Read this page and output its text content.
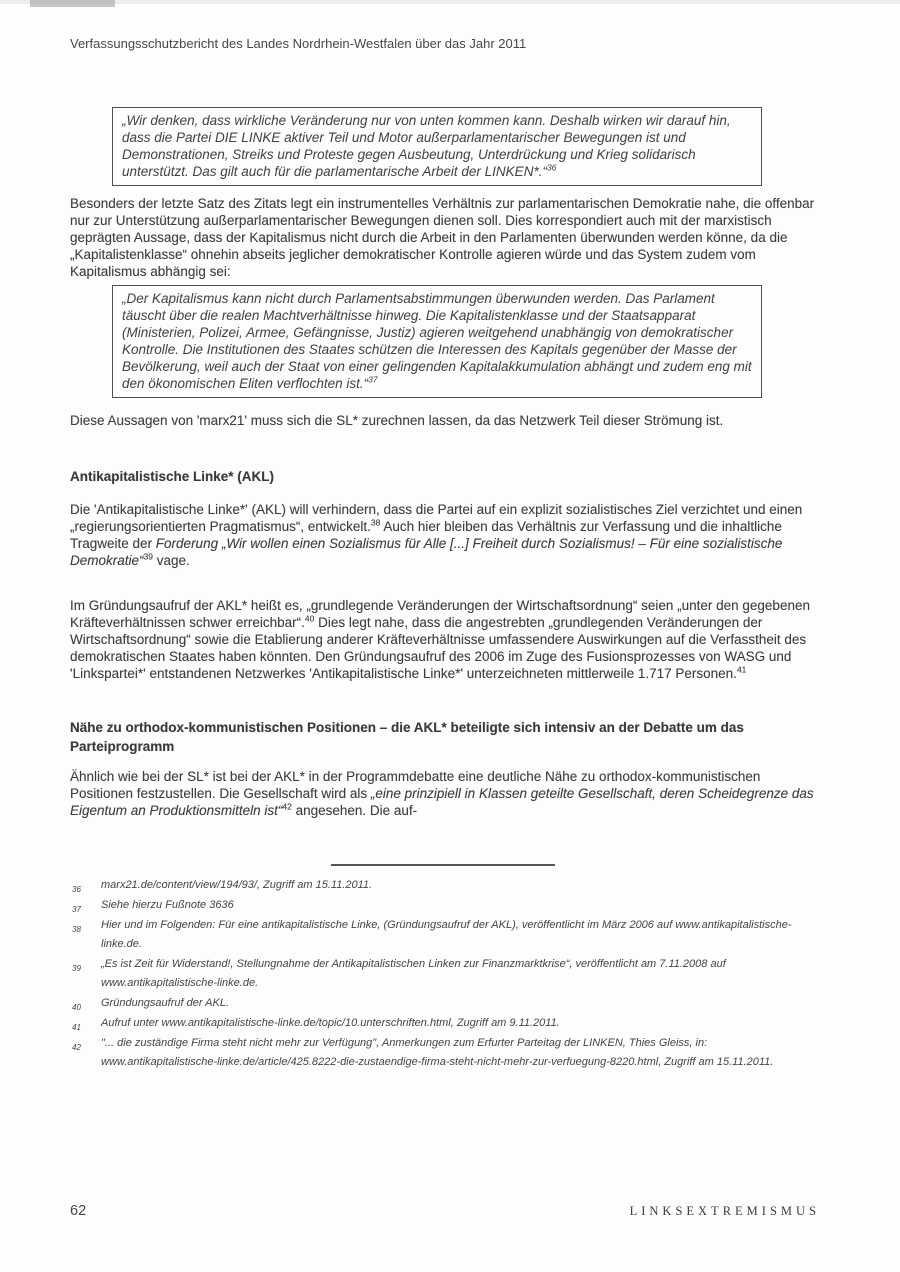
Verfassungsschutzbericht des Landes Nordrhein-Westfalen über das Jahr 2011
„Wir denken, dass wirkliche Veränderung nur von unten kommen kann. Deshalb wirken wir darauf hin, dass die Partei DIE LINKE aktiver Teil und Motor außerparlamentarischer Bewegungen ist und Demonstrationen, Streiks und Proteste gegen Ausbeutung, Unterdrückung und Krieg solidarisch unterstützt. Das gilt auch für die parlamentarische Arbeit der LINKEN*.“$^{36}$
Besonders der letzte Satz des Zitats legt ein instrumentelles Verhältnis zur parlamentarischen Demokratie nahe, die offenbar nur zur Unterstützung außerparlamentarischer Bewegungen dienen soll. Dies korrespondiert auch mit der marxistisch geprägten Aussage, dass der Kapitalismus nicht durch die Arbeit in den Parlamenten überwunden werden könne, da die „Kapitalistenklasse“ ohnehin abseits jeglicher demokratischer Kontrolle agieren würde und das System zudem vom Kapitalismus abhängig sei:
„Der Kapitalismus kann nicht durch Parlamentsabstimmungen überwunden werden. Das Parlament täuscht über die realen Machtverhältnisse hinweg. Die Kapitalistenklasse und der Staatsapparat (Ministerien, Polizei, Armee, Gefängnisse, Justiz) agieren weitgehend unabhängig von demokratischer Kontrolle. Die Institutionen des Staates schützen die Interessen des Kapitals gegenüber der Masse der Bevölkerung, weil auch der Staat von einer gelingenden Kapitalakkumulation abhängt und zudem eng mit den ökonomischen Eliten verflochten ist.“$^{37}$
Diese Aussagen von 'marx21' muss sich die SL* zurechnen lassen, da das Netzwerk Teil dieser Strömung ist.
Antikapitalistische Linke* (AKL)
Die 'Antikapitalistische Linke*' (AKL) will verhindern, dass die Partei auf ein explizit sozialistisches Ziel verzichtet und einen „regierungsorientierten Pragmatismus“, entwickelt.$^{38}$ Auch hier bleiben das Verhältnis zur Verfassung und die inhaltliche Tragweite der Forderung „Wir wollen einen Sozialismus für Alle [...] Freiheit durch Sozialismus! – Für eine sozialistische Demokratie“$^{39}$ vage.
Im Gründungsaufruf der AKL* heißt es, „grundlegende Veränderungen der Wirtschaftsordnung“ seien „unter den gegebenen Kräfteverhältnissen schwer erreichbar“.$^{40}$ Dies legt nahe, dass die angestrebten „grundlegenden Veränderungen der Wirtschaftsordnung“ sowie die Etablierung anderer Kräfteverhältnisse umfassendere Auswirkungen auf die Verfasstheit des demokratischen Staates haben könnten. Den Gründungsaufruf des 2006 im Zuge des Fusionsprozesses von WASG und 'Linkspartei*' entstandenen Netzwerkes 'Antikapitalistische Linke*' unterzeichneten mittlerweile 1.717 Personen.$^{41}$
Nähe zu orthodox-kommunistischen Positionen – die AKL* beteiligte sich intensiv an der Debatte um das Parteiprogramm
Ähnlich wie bei der SL* ist bei der AKL* in der Programmdebatte eine deutliche Nähe zu orthodox-kommunistischen Positionen festzustellen. Die Gesellschaft wird als „eine prinzipiell in Klassen geteilte Gesellschaft, deren Scheidegrenze das Eigentum an Produktionsmitteln ist“$^{42}$ angesehen. Die auf-
36 marx21.de/content/view/194/93/, Zugriff am 15.11.2011.
37 Siehe hierzu Fußnote 3636
38 Hier und im Folgenden: Für eine antikapitalistische Linke, (Gründungsaufruf der AKL), veröffentlicht im März 2006 auf www.antikapitalistische-linke.de.
39 „Es ist Zeit für Widerstand!, Stellungnahme der Antikapitalistischen Linken zur Finanzmarktkrise“, veröffentlicht am 7.11.2008 auf www.antikapitalistische-linke.de.
40 Gründungsaufruf der AKL.
41 Aufruf unter www.antikapitalistische-linke.de/topic/10.unterschriften.html, Zugriff am 9.11.2011.
42 "... die zuständige Firma steht nicht mehr zur Verfügung", Anmerkungen zum Erfurter Parteitag der LINKEN, Thies Gleiss, in: www.antikapitalistische-linke.de/article/425.8222-die-zustaendige-firma-steht-nicht-mehr-zur-verfuegung-8220.html, Zugriff am 15.11.2011.
62	LINKSEXTREMISMUS
